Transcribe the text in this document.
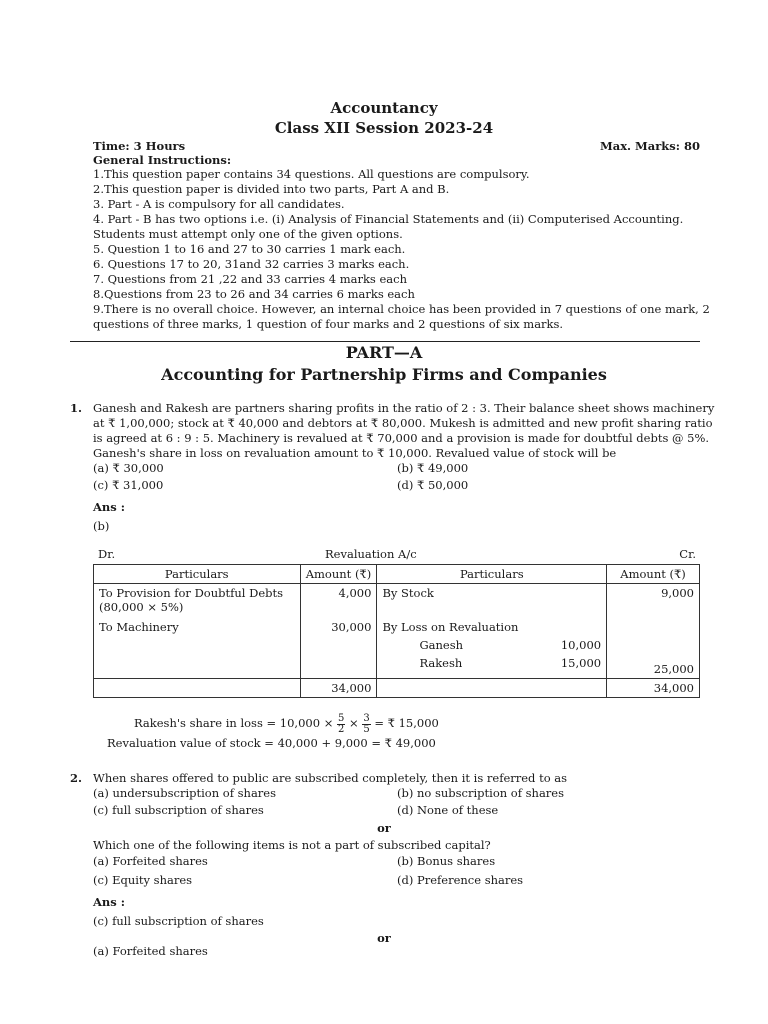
Accountancy
Class XII Session 2023-24
Time: 3 Hours	Max. Marks: 80
General Instructions:
1.This question paper contains 34 questions. All questions are compulsory.
2.This question paper is divided into two parts, Part A and B.
3. Part - A is compulsory for all candidates.
4. Part - B has two options i.e. (i) Analysis of Financial Statements and (ii) Computerised Accounting.
Students must attempt only one of the given options.
5. Question 1 to 16 and 27 to 30 carries 1 mark each.
6. Questions 17 to 20, 31and 32 carries 3 marks each.
7. Questions from 21 ,22 and 33 carries 4 marks each
8.Questions from 23 to 26 and 34 carries 6 marks each
9.There is no overall choice. However, an internal choice has been provided in 7 questions of one mark, 2
questions of three marks, 1 question of four marks and 2 questions of six marks.
PART—A
Accounting for Partnership Firms and Companies
1. Ganesh and Rakesh are partners sharing profits in the ratio of 2 : 3. Their balance sheet shows machinery
at ₹ 1,00,000; stock at ₹ 40,000 and debtors at ₹ 80,000. Mukesh is admitted and new profit sharing ratio
is agreed at 6 : 9 : 5. Machinery is revalued at ₹ 70,000 and a provision is made for doubtful debts @ 5%.
Ganesh's share in loss on revaluation amount to ₹ 10,000. Revalued value of stock will be
(a) ₹ 30,000	(b) ₹ 49,000
(c) ₹ 31,000	(d) ₹ 50,000
Ans :
(b)
Dr.	Revaluation A/c	Cr.
Particulars	Amount (₹)	Particulars		Amount (₹)

To Provision for Doubtful Debts
(80,000 × 5%)	4,000	By Stock		9,000
To Machinery	30,000	By Loss on Revaluation		
		Ganesh	10,000	
		Rakesh	15,000	25,000
	34,000			34,000
Rakesh's share in loss = $10,000 \times \frac{5}{2} \times \frac{3}{5}$ = ₹ 15,000
Revaluation value of stock = 40,000 + 9,000 = ₹ 49,000
2. When shares offered to public are subscribed completely, then it is referred to as
(a) undersubscription of shares	(b) no subscription of shares
(c) full subscription of shares	(d) None of these
or
Which one of the following items is not a part of subscribed capital?
(a) Forfeited shares	(b) Bonus shares
(c) Equity shares	(d) Preference shares
Ans :
(c) full subscription of shares
or
(a) Forfeited shares
